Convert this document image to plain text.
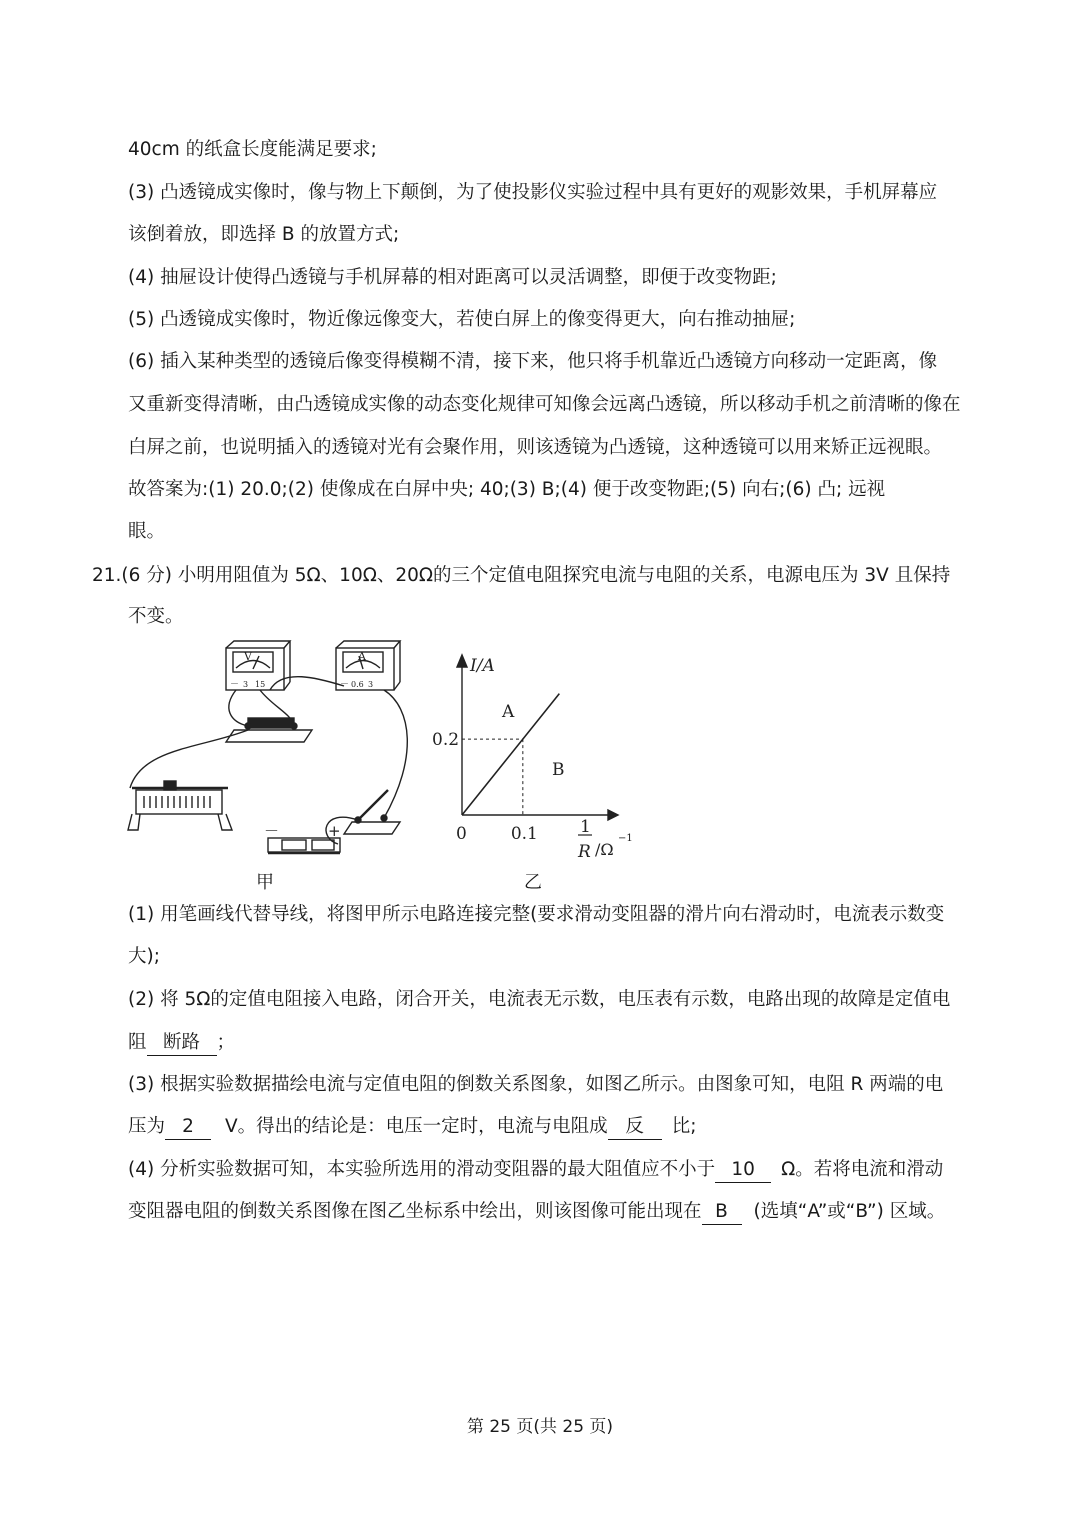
40cm 的纸盒长度能满足要求;
(3) 凸透镜成实像时，像与物上下颠倒，为了使投影仪实验过程中具有更好的观影效果，手机屏幕应
该倒着放，即选择 B 的放置方式;
(4) 抽屉设计使得凸透镜与手机屏幕的相对距离可以灵活调整，即便于改变物距;
(5) 凸透镜成实像时，物近像远像变大，若使白屏上的像变得更大，向右推动抽屉;
(6) 插入某种类型的透镜后像变得模糊不清，接下来，他只将手机靠近凸透镜方向移动一定距离，像
又重新变得清晰，由凸透镜成实像的动态变化规律可知像会远离凸透镜，所以移动手机之前清晰的像在
白屏之前，也说明插入的透镜对光有会聚作用，则该透镜为凸透镜，这种透镜可以用来矫正远视眼。
故答案为:(1) 20.0;(2) 使像成在白屏中央; 40;(3) B;(4) 便于改变物距;(5) 向右;(6) 凸; 远视
眼。
21.(6 分) 小明用阻值为 5Ω、10Ω、20Ω的三个定值电阻探究电流与电阻的关系，电源电压为 3V 且保持
不变。
V
－ 3 15
A
－ 0.6 3
－	+
甲
I/A
A
B
0.2
0	0.1 1
R /Ω
−1
乙
(1) 用笔画线代替导线，将图甲所示电路连接完整(要求滑动变阻器的滑片向右滑动时，电流表示数变
大);
(2) 将 5Ω的定值电阻接入电路，闭合开关，电流表无示数，电压表有示数，电路出现的故障是定值电
阻 断路 ；
(3) 根据实验数据描绘电流与定值电阻的倒数关系图象，如图乙所示。由图象可知，电阻 R 两端的电
压为 2 V。得出的结论是：电压一定时，电流与电阻成 反 比;
(4) 分析实验数据可知，本实验所选用的滑动变阻器的最大阻值应不小于 10 Ω。若将电流和滑动
变阻器电阻的倒数关系图像在图乙坐标系中绘出，则该图像可能出现在 B (选填“A”或“B”) 区域。
第 25 页(共 25 页)
